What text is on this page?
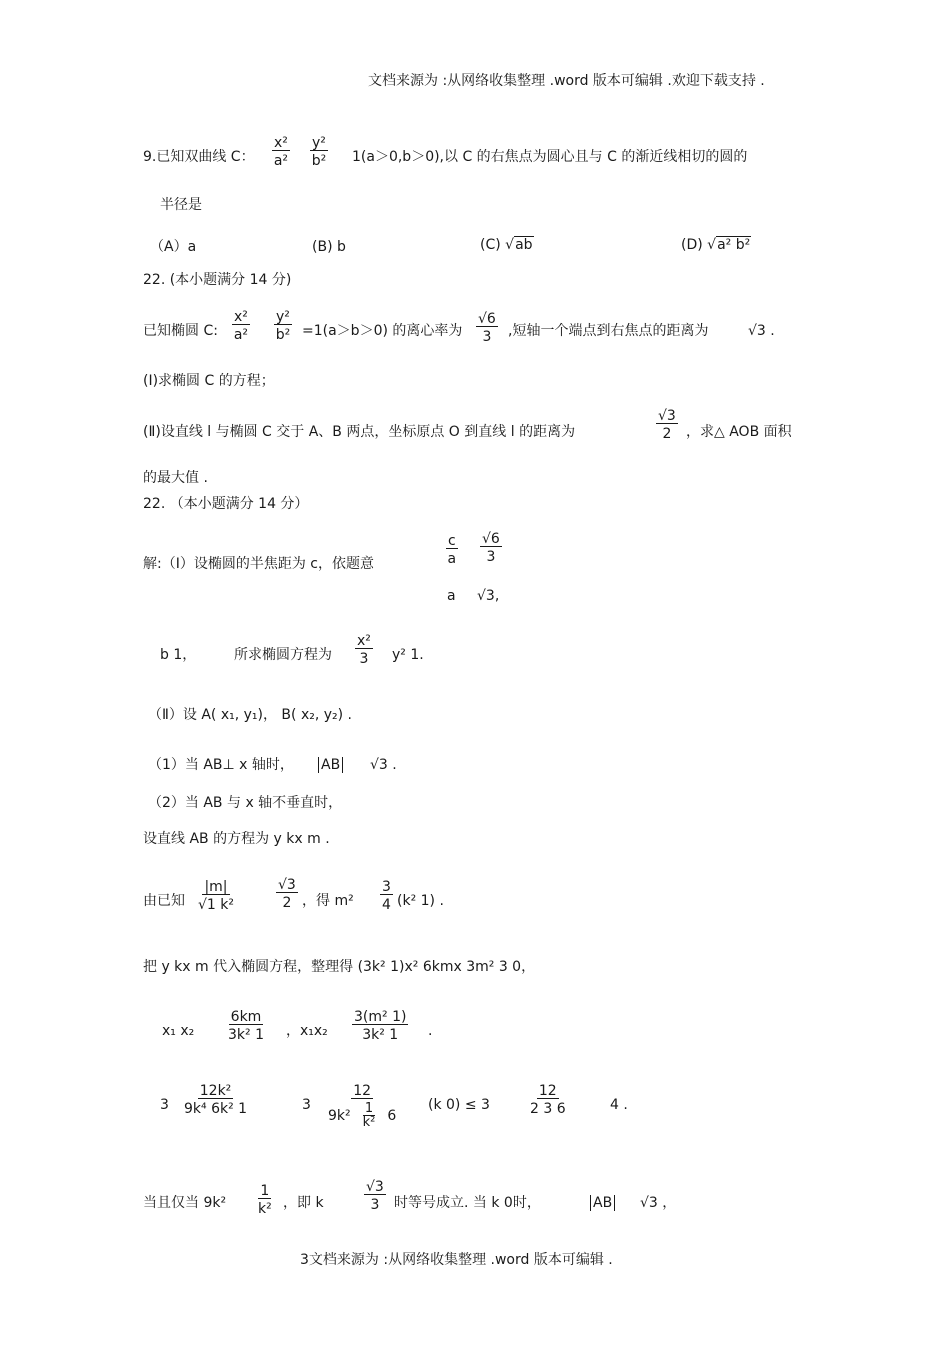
文档来源为 :从网络收集整理 .word 版本可编辑 .欢迎下载支持 .
9.已知双曲线 C： $\frac{\text{x²}}{\text{a²}} \frac{\text{y²}}{\text{b²}} 1(a>0,b>0)$,以 C 的右焦点为圆心且与 C 的渐近线相切的圆的
半径是
（A）a	(B) b	(C) √ab	(D) √a² b²
22. (本小题满分 14 分)
已知椭圆 C: $\frac{\text{x²}}{\text{a²}} \frac{\text{y²}}{\text{b²}} =1(a>b>0)$ 的离心率为 $\frac{√6}{3}$ ,短轴一个端点到右焦点的距离为	√3 .
(Ⅰ)求椭圆 C 的方程；
(Ⅱ)设直线 l 与椭圆 C 交于 A、B 两点，坐标原点 O 到直线 l 的距离为	$\frac{√3}{2}$ ，求△ AOB 面积
的最大值 .
22. （本小题满分 14 分）
解:（Ⅰ）设椭圆的半焦距为 c，依题意	$\frac{c}{a} \frac{√6}{3}$
a √3,
b 1，	所求椭圆方程为 $\frac{\text{x²}}{3} y^2$ 1.
（Ⅱ）设 A( x₁, y₁)， B( x₂, y₂) .
（1）当 AB⊥ x 轴时， AB √3 .
（2）当 AB 与 x 轴不垂直时，
设直线 AB 的方程为 y kx m .
由已知 $\frac{|m|}{\text{√1 k²}}$	$\frac{√3}{2}$ ，得 $m^2 \frac{3}{4} (k^2$ 1) .
把 y kx m 代入椭圆方程，整理得 (3k² 1)x² 6kmx 3m² 3 0，
x₁ $x_2 \frac{6km}{\text{3k² 1}}$ ，$x_1x_2 \frac{\text{3(m² 1)}}{\text{3k² 1}}$ .
$3 \frac{\text{12k²}}{\text{9k⁴ 6k² 1}}$	$3 \frac{12}{9k^2 \frac{1}{\text{k²}} 6} (k$ 0) ≤ 3	$\frac{12}{2 3 6}$	4 .
当且仅当 $9k^2 \frac{1}{\text{k²}}$ ，即 k	$\frac{√3}{3}$ 时等号成立. 当 k 0时，	AB √3 ，
3文档来源为 :从网络收集整理 .word 版本可编辑 .
